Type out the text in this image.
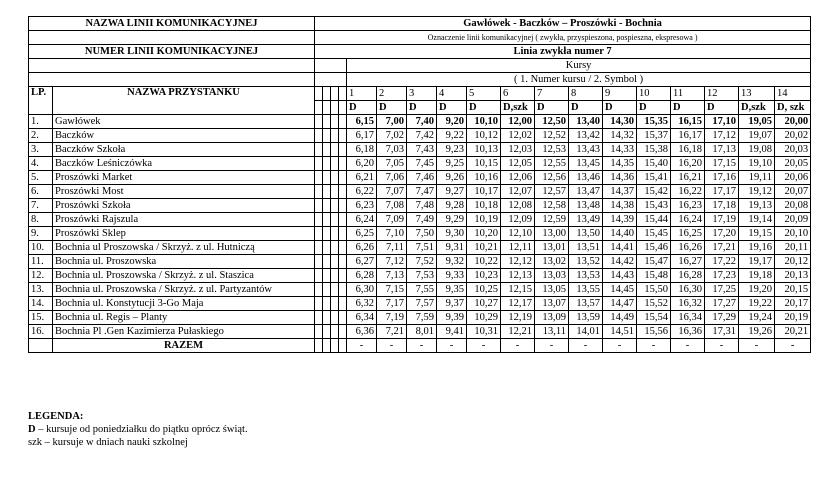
NAZWA LINII KOMUNIKACYJNEJ		Gawłówek - Baczków – Proszówki - Bochnia																	
		Oznaczenie linii komunikacyjnej ( zwykła, przyspieszona, pospieszna, ekspresowa )																	
NUMER LINII KOMUNIKACYJNEJ		Linia zwykła numer 7																	
						Kursy													
						( 1. Numer kursu / 2. Symbol )													
LP.	NAZWA PRZYSTANKU					1	2	3	4	5	6	7	8	9	10	11	12	13	14
						D	D	D	D	D	D,szk	D	D	D	D	D	D	D,szk	D, szk
1.	Gawłówek					6,15	7,00	7,40	9,20	10,10	12,00	12,50	13,40	14,30	15,35	16,15	17,10	19,05	20,00
2.	Baczków					6,17	7,02	7,42	9,22	10,12	12,02	12,52	13,42	14,32	15,37	16,17	17,12	19,07	20,02
3.	Baczków Szkoła					6,18	7,03	7,43	9,23	10,13	12,03	12,53	13,43	14,33	15,38	16,18	17,13	19,08	20,03
4.	Baczków Leśniczówka					6,20	7,05	7,45	9,25	10,15	12,05	12,55	13,45	14,35	15,40	16,20	17,15	19,10	20,05
5.	Proszówki Market					6,21	7,06	7,46	9,26	10,16	12,06	12,56	13,46	14,36	15,41	16,21	17,16	19,11	20,06
6.	Proszówki Most					6,22	7,07	7,47	9,27	10,17	12,07	12,57	13,47	14,37	15,42	16,22	17,17	19,12	20,07
7.	Proszówki Szkoła					6,23	7,08	7,48	9,28	10,18	12,08	12,58	13,48	14,38	15,43	16,23	17,18	19,13	20,08
8.	Proszówki Rajszula					6,24	7,09	7,49	9,29	10,19	12,09	12,59	13,49	14,39	15,44	16,24	17,19	19,14	20,09
9.	Proszówki Sklep					6,25	7,10	7,50	9,30	10,20	12,10	13,00	13,50	14,40	15,45	16,25	17,20	19,15	20,10
10.	Bochnia ul Proszowska / Skrzyż. z ul. Hutniczą					6,26	7,11	7,51	9,31	10,21	12,11	13,01	13,51	14,41	15,46	16,26	17,21	19,16	20,11
11.	Bochnia ul. Proszowska					6,27	7,12	7,52	9,32	10,22	12,12	13,02	13,52	14,42	15,47	16,27	17,22	19,17	20,12
12.	Bochnia ul. Proszowska / Skrzyż. z ul. Staszica					6,28	7,13	7,53	9,33	10,23	12,13	13,03	13,53	14,43	15,48	16,28	17,23	19,18	20,13
13.	Bochnia ul. Proszowska / Skrzyż. z ul. Partyzantów					6,30	7,15	7,55	9,35	10,25	12,15	13,05	13,55	14,45	15,50	16,30	17,25	19,20	20,15
14.	Bochnia ul. Konstytucji 3-Go Maja					6,32	7,17	7,57	9,37	10,27	12,17	13,07	13,57	14,47	15,52	16,32	17,27	19,22	20,17
15.	Bochnia ul. Regis – Planty					6,34	7,19	7,59	9,39	10,29	12,19	13,09	13,59	14,49	15,54	16,34	17,29	19,24	20,19
16.	Bochnia Pl .Gen Kazimierza Pułaskiego					6,36	7,21	8,01	9,41	10,31	12,21	13,11	14,01	14,51	15,56	16,36	17,31	19,26	20,21
	RAZEM					-	-	-	-	-	-	-	-	-	-	-	-	-	-
LEGENDA:
D – kursuje od poniedziałku do piątku oprócz świąt.
szk – kursuje w dniach nauki szkolnej
